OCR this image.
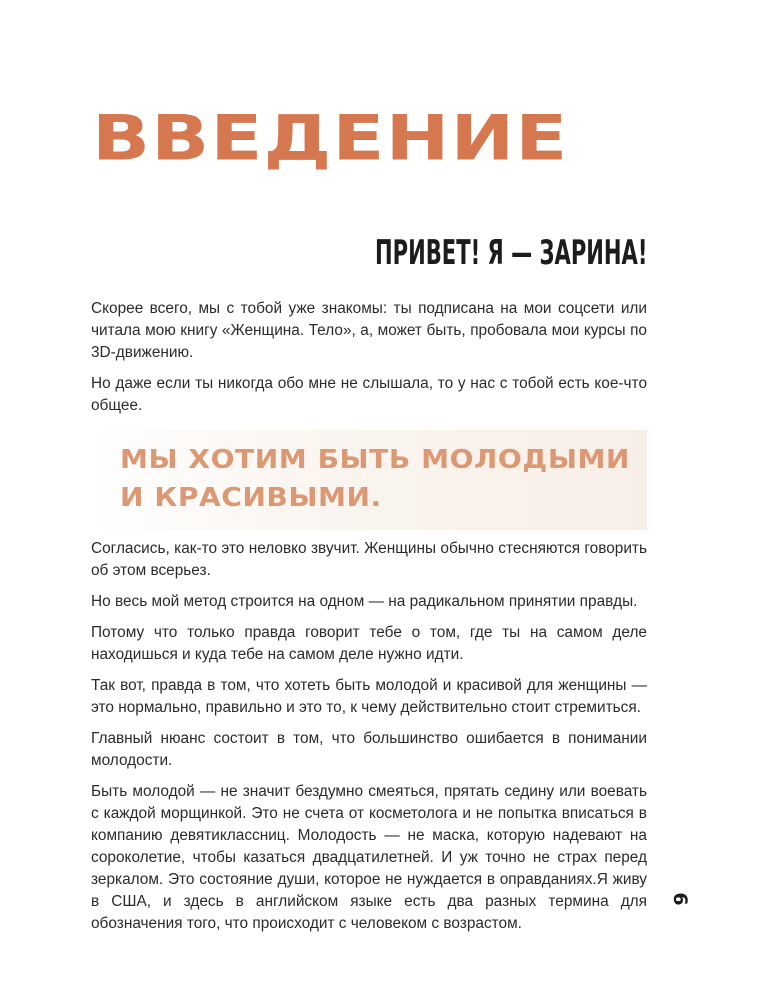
ВВЕДЕНИЕ
ПРИВЕТ! Я — ЗАРИНА!

Скорее всего, мы с тобой уже знакомы: ты подписана на мои соцсети или читала мою книгу «Женщина. Тело», а, может быть, пробовала мои курсы по 3D-движению.

Но даже если ты никогда обо мне не слышала, то у нас с тобой есть кое-что общее.

МЫ ХОТИМ БЫТЬ МОЛОДЫМИ
И КРАСИВЫМИ.

Согласись, как-то это неловко звучит. Женщины обычно стесняются говорить об этом всерьез.

Но весь мой метод строится на одном — на радикальном принятии правды.

Потому что только правда говорит тебе о том, где ты на самом деле находишься и куда тебе на самом деле нужно идти.

Так вот, правда в том, что хотеть быть молодой и красивой для женщины — это нормально, правильно и это то, к чему действительно стоит стремиться.

Главный нюанс состоит в том, что большинство ошибается в понимании молодости.

Быть молодой — не значит бездумно смеяться, прятать седину или воевать с каждой морщинкой. Это не счета от косметолога и не попытка вписаться в компанию девятиклассниц. Молодость — не маска, которую надевают на сороколетие, чтобы казаться двадцатилетней. И уж точно не страх перед зеркалом. Это состояние души, которое не нуждается в оправданиях.Я живу в США, и здесь в английском языке есть два разных термина для обозначения того, что происходит с человеком с возрастом.

6
